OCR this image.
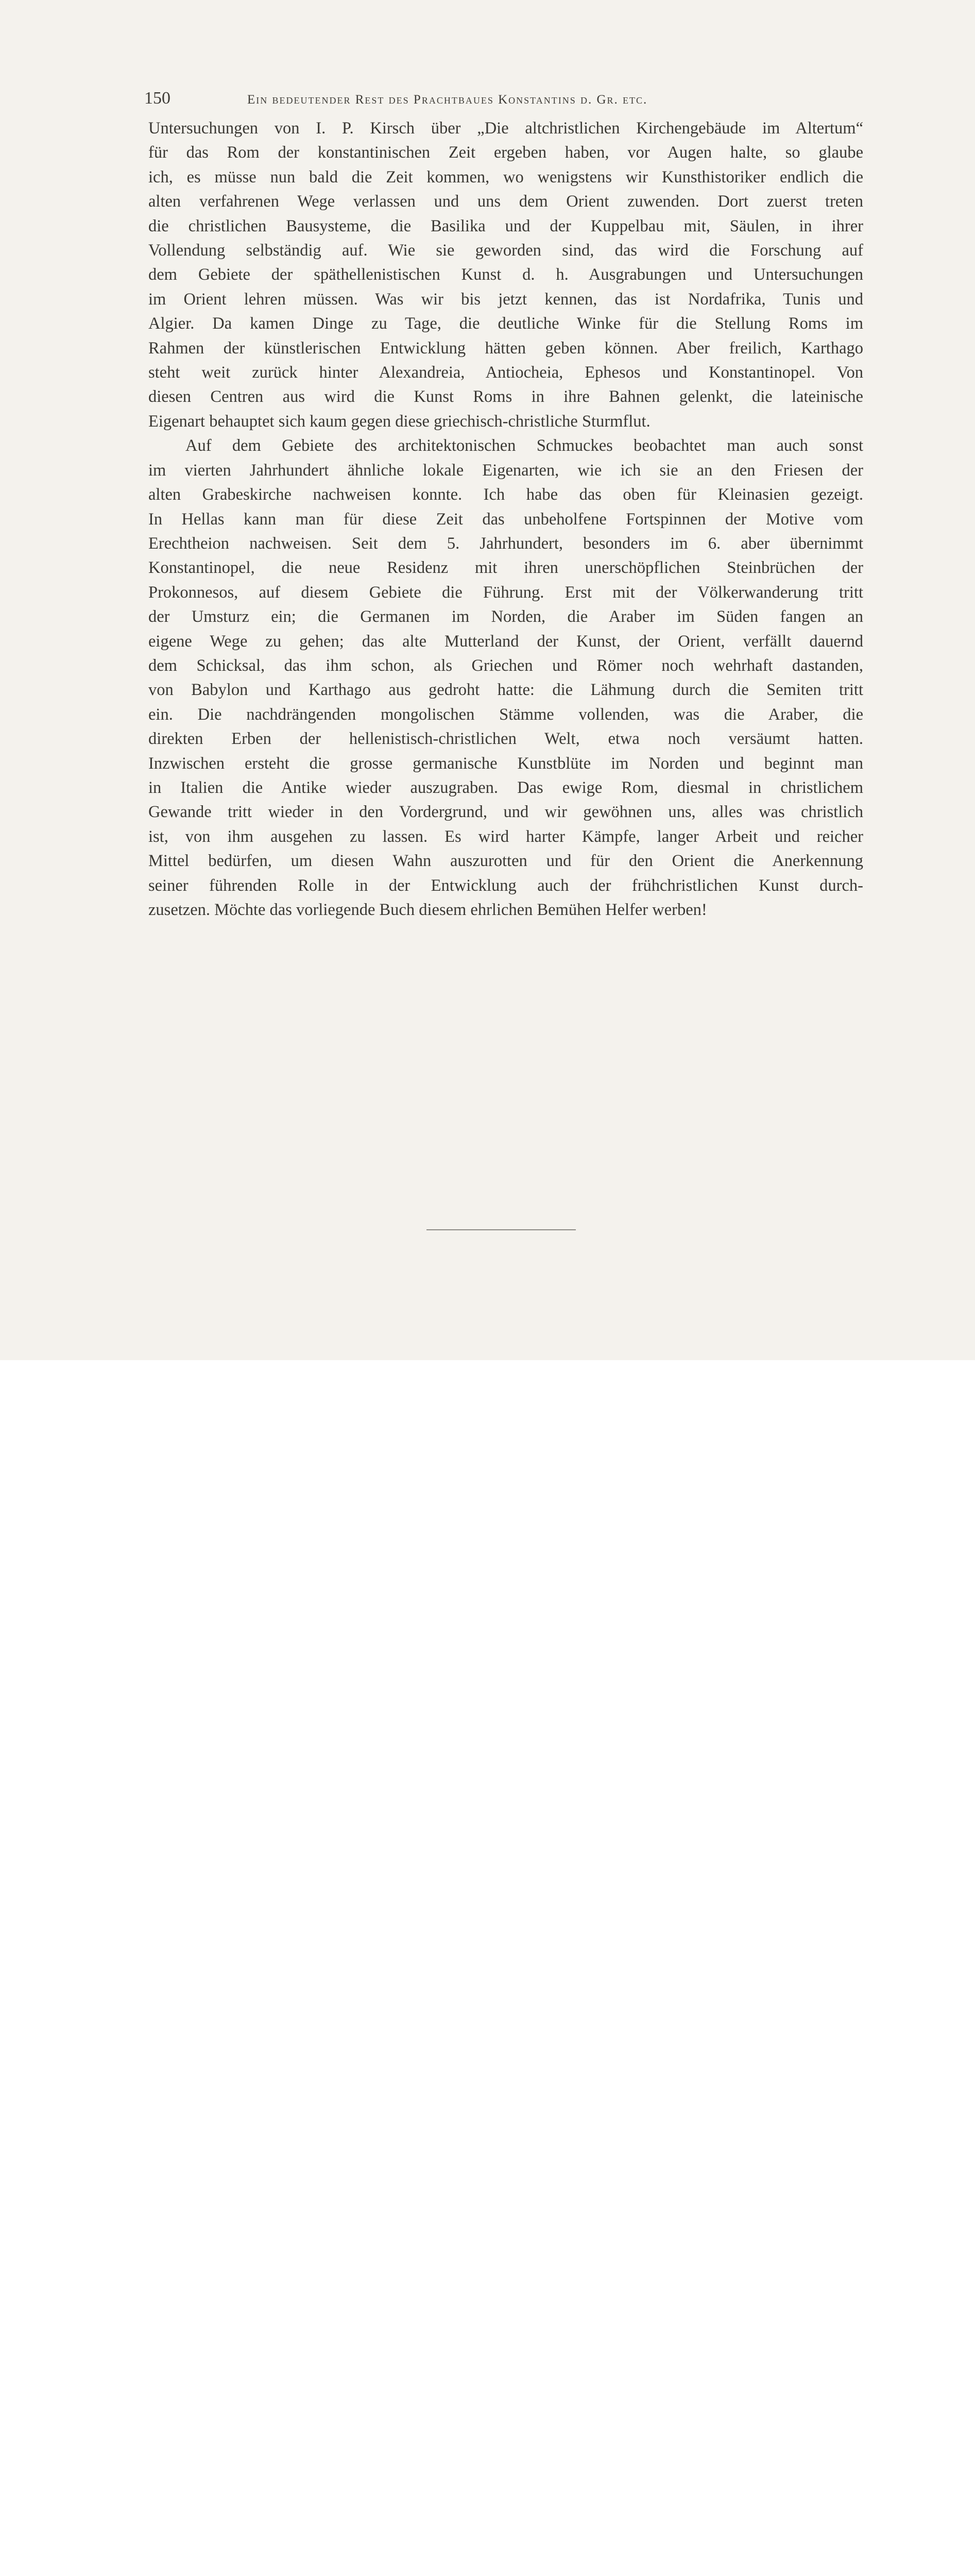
150	Ein bedeutender Rest des Prachtbaues Konstantins d. Gr. etc.
Untersuchungen von I. P. Kirsch über „Die altchristlichen Kirchengebäude im Altertum“
für das Rom der konstantinischen Zeit ergeben haben, vor Augen halte, so glaube
ich, es müsse nun bald die Zeit kommen, wo wenigstens wir Kunsthistoriker endlich die
alten verfahrenen Wege verlassen und uns dem Orient zuwenden. Dort zuerst treten
die christlichen Bausysteme, die Basilika und der Kuppelbau mit, Säulen, in ihrer
Vollendung selbständig auf. Wie sie geworden sind, das wird die Forschung auf
dem Gebiete der späthellenistischen Kunst d. h. Ausgrabungen und Untersuchungen
im Orient lehren müssen. Was wir bis jetzt kennen, das ist Nordafrika, Tunis und
Algier. Da kamen Dinge zu Tage, die deutliche Winke für die Stellung Roms im
Rahmen der künstlerischen Entwicklung hätten geben können. Aber freilich, Karthago
steht weit zurück hinter Alexandreia, Antiocheia, Ephesos und Konstantinopel. Von
diesen Centren aus wird die Kunst Roms in ihre Bahnen gelenkt, die lateinische
Eigenart behauptet sich kaum gegen diese griechisch-christliche Sturmflut.
Auf dem Gebiete des architektonischen Schmuckes beobachtet man auch sonst
im vierten Jahrhundert ähnliche lokale Eigenarten, wie ich sie an den Friesen der
alten Grabeskirche nachweisen konnte. Ich habe das oben für Kleinasien gezeigt.
In Hellas kann man für diese Zeit das unbeholfene Fortspinnen der Motive vom
Erechtheion nachweisen. Seit dem 5. Jahrhundert, besonders im 6. aber übernimmt
Konstantinopel, die neue Residenz mit ihren unerschöpflichen Steinbrüchen der
Prokonnesos, auf diesem Gebiete die Führung. Erst mit der Völkerwanderung tritt
der Umsturz ein; die Germanen im Norden, die Araber im Süden fangen an
eigene Wege zu gehen; das alte Mutterland der Kunst, der Orient, verfällt dauernd
dem Schicksal, das ihm schon, als Griechen und Römer noch wehrhaft dastanden,
von Babylon und Karthago aus gedroht hatte: die Lähmung durch die Semiten tritt
ein. Die nachdrängenden mongolischen Stämme vollenden, was die Araber, die
direkten Erben der hellenistisch-christlichen Welt, etwa noch versäumt hatten.
Inzwischen ersteht die grosse germanische Kunstblüte im Norden und beginnt man
in Italien die Antike wieder auszugraben. Das ewige Rom, diesmal in christlichem
Gewande tritt wieder in den Vordergrund, und wir gewöhnen uns, alles was christlich
ist, von ihm ausgehen zu lassen. Es wird harter Kämpfe, langer Arbeit und reicher
Mittel bedürfen, um diesen Wahn auszurotten und für den Orient die Anerkennung
seiner führenden Rolle in der Entwicklung auch der frühchristlichen Kunst durch-
zusetzen. Möchte das vorliegende Buch diesem ehrlichen Bemühen Helfer werben!
